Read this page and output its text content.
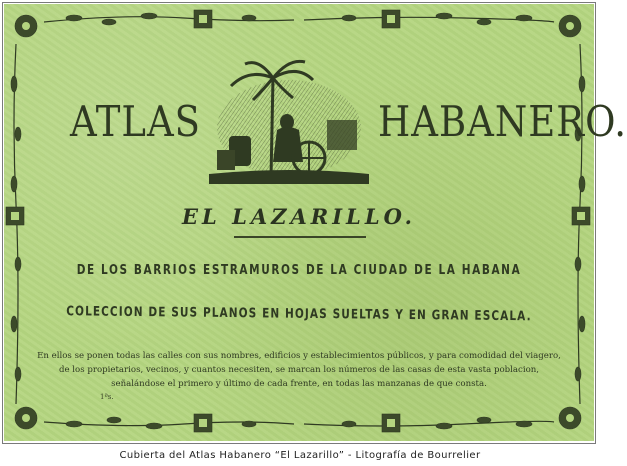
ATLAS	HABANERO.
EL LAZARILLO.
DE LOS BARRIOS ESTRAMUROS DE LA CIUDAD DE LA HABANA
COLECCION DE SUS PLANOS EN HOJAS SUELTAS Y EN GRAN ESCALA.
En ellos se ponen todas las calles con sus nombres, edificios y establecimientos públicos, y para comodidad del viagero, de los propietarios, vecinos, y cuantos necesiten, se marcan los números de las casas de esta vasta poblacion, señalándose el primero y último de cada frente, en todas las manzanas de que consta.
1ªs.
Cubierta del Atlas Habanero “El Lazarillo” - Litografía de Bourrelier
